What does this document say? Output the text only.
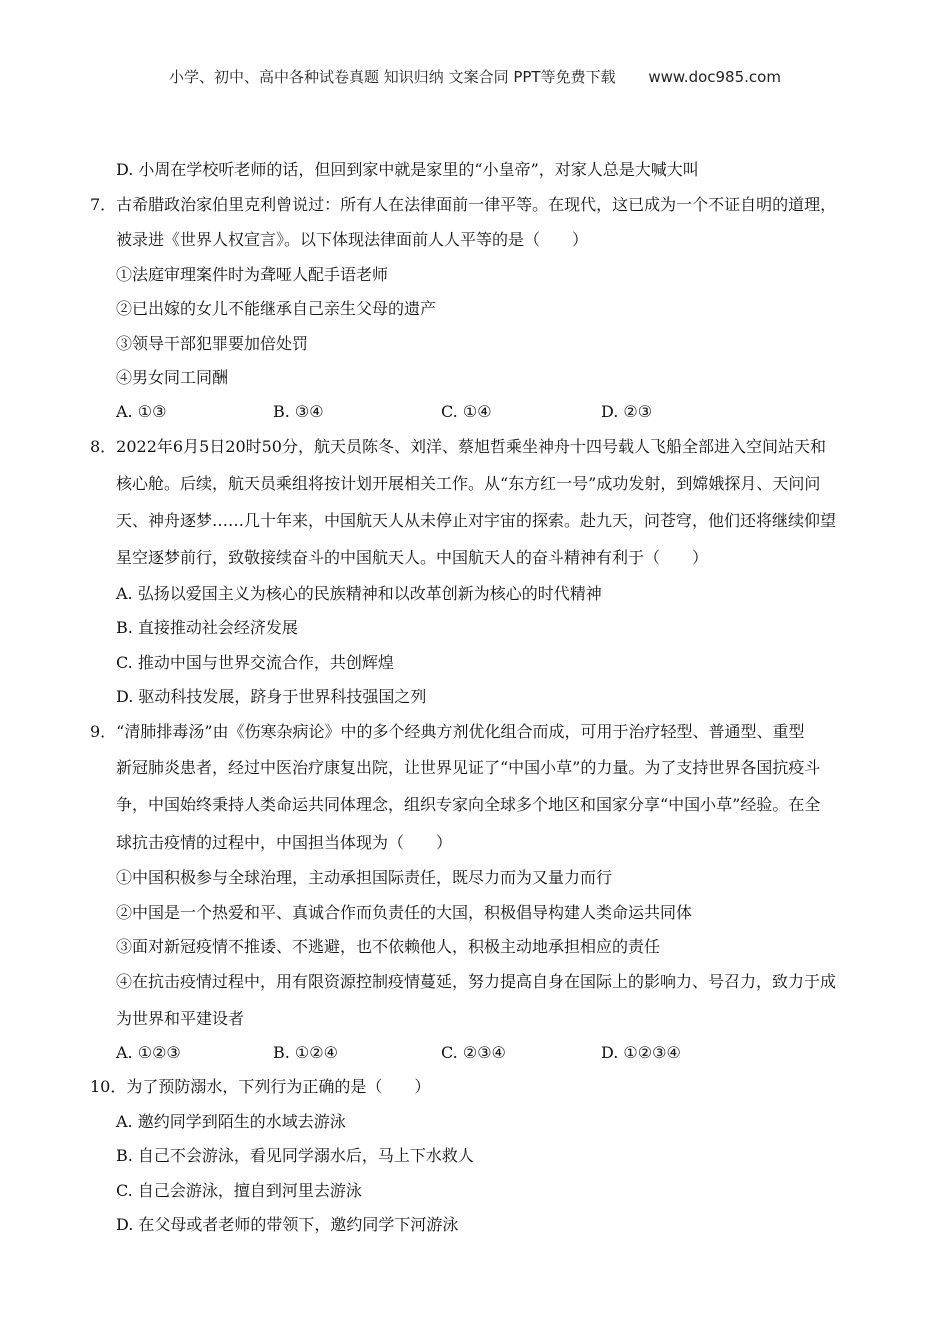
小学、初中、高中各种试卷真题 知识归纳 文案合同 PPT等免费下载 www.doc985.com
D. 小周在学校听老师的话，但回到家中就是家里的“小皇帝”，对家人总是大喊大叫
7．古希腊政治家伯里克利曾说过：所有人在法律面前一律平等。在现代，这已成为一个不证自明的道理，
被录进《世界人权宣言》。以下体现法律面前人人平等的是（　　）
①法庭审理案件时为聋哑人配手语老师
②已出嫁的女儿不能继承自己亲生父母的遗产
③领导干部犯罪要加倍处罚
④男女同工同酬
A. ①③	B. ③④	C. ①④	D. ②③
8．2022年6月5日20时50分，航天员陈冬、刘洋、蔡旭哲乘坐神舟十四号载人飞船全部进入空间站天和
核心舱。后续，航天员乘组将按计划开展相关工作。从“东方红一号”成功发射，到嫦娥探月、天问问
天、神舟逐梦……几十年来，中国航天人从未停止对宇宙的探索。赴九天，问苍穹，他们还将继续仰望
星空逐梦前行，致敬接续奋斗的中国航天人。中国航天人的奋斗精神有利于（　　）
A. 弘扬以爱国主义为核心的民族精神和以改革创新为核心的时代精神
B. 直接推动社会经济发展
C. 推动中国与世界交流合作，共创辉煌
D. 驱动科技发展，跻身于世界科技强国之列
9．“清肺排毒汤”由《伤寒杂病论》中的多个经典方剂优化组合而成，可用于治疗轻型、普通型、重型
新冠肺炎患者，经过中医治疗康复出院，让世界见证了“中国小草”的力量。为了支持世界各国抗疫斗
争，中国始终秉持人类命运共同体理念，组织专家向全球多个地区和国家分享“中国小草”经验。在全
球抗击疫情的过程中，中国担当体现为（　　）
①中国积极参与全球治理，主动承担国际责任，既尽力而为又量力而行
②中国是一个热爱和平、真诚合作而负责任的大国，积极倡导构建人类命运共同体
③面对新冠疫情不推诿、不逃避，也不依赖他人，积极主动地承担相应的责任
④在抗击疫情过程中，用有限资源控制疫情蔓延，努力提高自身在国际上的影响力、号召力，致力于成
为世界和平建设者
A. ①②③	B. ①②④	C. ②③④	D. ①②③④
10．为了预防溺水，下列行为正确的是（　　）
A. 邀约同学到陌生的水域去游泳
B. 自己不会游泳，看见同学溺水后，马上下水救人
C. 自己会游泳，擅自到河里去游泳
D. 在父母或者老师的带领下，邀约同学下河游泳
